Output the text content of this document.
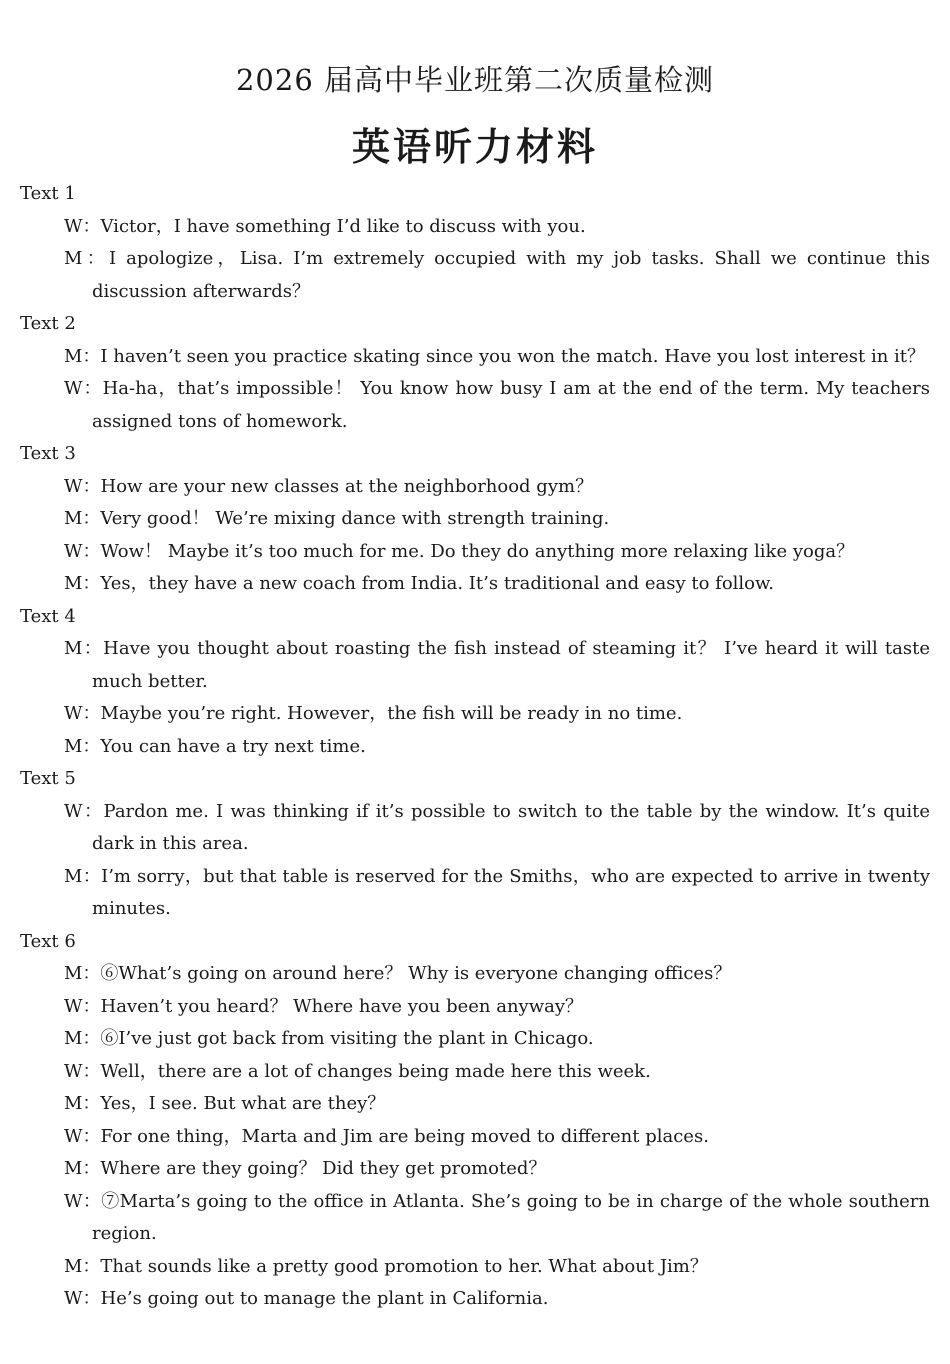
2026 届高中毕业班第二次质量检测
英语听力材料

Text 1

W：Victor，I have something I’d like to discuss with you.

M：I apologize，Lisa. I’m extremely occupied with my job tasks. Shall we continue this discussion afterwards？

Text 2

M：I haven’t seen you practice skating since you won the match. Have you lost interest in it？

W：Ha-ha，that’s impossible！ You know how busy I am at the end of the term. My teachers assigned tons of homework.

Text 3

W：How are your new classes at the neighborhood gym？

M：Very good！ We’re mixing dance with strength training.

W：Wow！ Maybe it’s too much for me. Do they do anything more relaxing like yoga？

M：Yes，they have a new coach from India. It’s traditional and easy to follow.

Text 4

M：Have you thought about roasting the fish instead of steaming it？ I’ve heard it will taste much better.

W：Maybe you’re right. However，the fish will be ready in no time.

M：You can have a try next time.

Text 5

W：Pardon me. I was thinking if it’s possible to switch to the table by the window. It’s quite dark in this area.

M：I’m sorry，but that table is reserved for the Smiths，who are expected to arrive in twenty minutes.

Text 6

M：⑥What’s going on around here？ Why is everyone changing offices？

W：Haven’t you heard？ Where have you been anyway？

M：⑥I’ve just got back from visiting the plant in Chicago.

W：Well，there are a lot of changes being made here this week.

M：Yes，I see. But what are they？

W：For one thing，Marta and Jim are being moved to different places.

M：Where are they going？ Did they get promoted？

W：⑦Marta’s going to the office in Atlanta. She’s going to be in charge of the whole southern region.

M：That sounds like a pretty good promotion to her. What about Jim？

W：He’s going out to manage the plant in California.
